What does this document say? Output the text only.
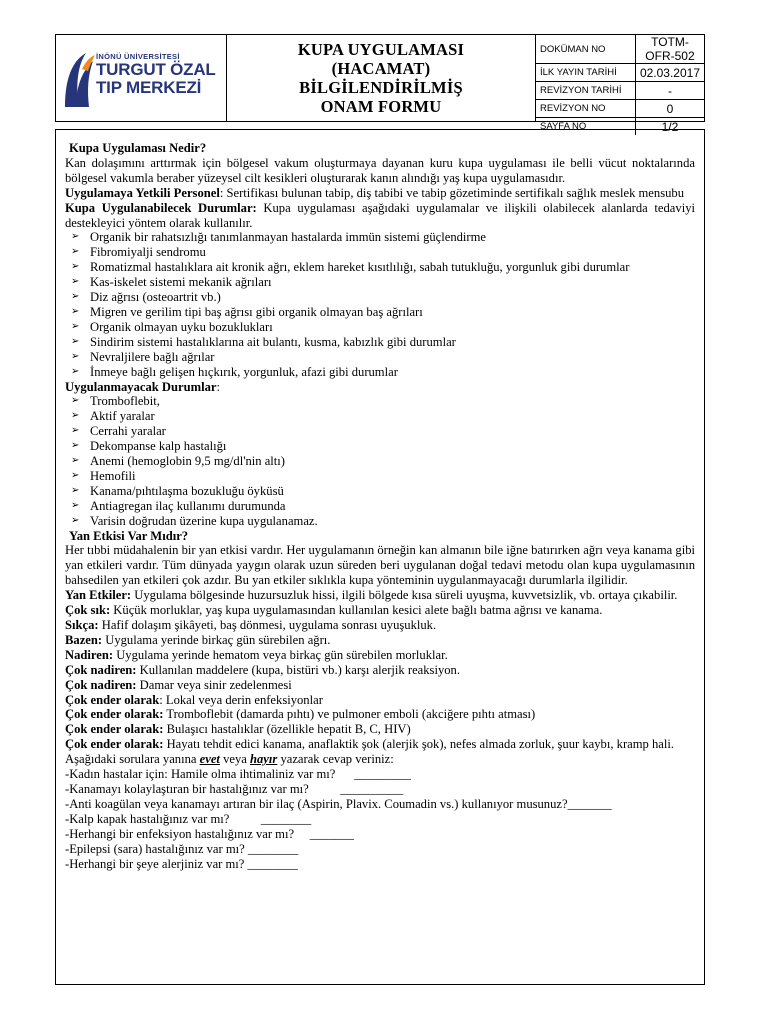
İNÖNÜ ÜNİVERSİTESİ
TURGUT ÖZAL
TIP MERKEZİ
KUPA UYGULAMASI
(HACAMAT)
BİLGİLENDİRİLMİŞ
ONAM FORMU
DOKÜMAN NO	TOTM-OFR-502
İLK YAYIN TARİHİ	02.03.2017
REVİZYON TARİHİ	-
REVİZYON NO	0
SAYFA NO	1/2

Kupa Uygulaması Nedir?

Kan dolaşımını arttırmak için bölgesel vakum oluşturmaya dayanan kuru kupa uygulaması ile belli vücut noktalarında bölgesel vakumla beraber yüzeysel cilt kesikleri oluşturarak kanın alındığı yaş kupa uygulamasıdır.

Uygulamaya Yetkili Personel: Sertifikası bulunan tabip, diş tabibi ve tabip gözetiminde sertifikalı sağlık meslek mensubu

Kupa Uygulanabilecek Durumlar: Kupa uygulaması aşağıdaki uygulamalar ve ilişkili olabilecek alanlarda tedaviyi destekleyici yöntem olarak kullanılır.

➢ Organik bir rahatsızlığı tanımlanmayan hastalarda immün sistemi güçlendirme
➢ Fibromiyalji sendromu
➢ Romatizmal hastalıklara ait kronik ağrı, eklem hareket kısıtlılığı, sabah tutukluğu, yorgunluk gibi durumlar
➢ Kas-iskelet sistemi mekanik ağrıları
➢ Diz ağrısı (osteoartrit vb.)
➢ Migren ve gerilim tipi baş ağrısı gibi organik olmayan baş ağrıları
➢ Organik olmayan uyku bozuklukları
➢ Sindirim sistemi hastalıklarına ait bulantı, kusma, kabızlık gibi durumlar
➢ Nevraljilere bağlı ağrılar
➢ İnmeye bağlı gelişen hıçkırık, yorgunluk, afazi gibi durumlar

Uygulanmayacak Durumlar:

➢ Tromboflebit,
➢ Aktif yaralar
➢ Cerrahi yaralar
➢ Dekompanse kalp hastalığı
➢ Anemi (hemoglobin 9,5 mg/dl'nin altı)
➢ Hemofili
➢ Kanama/pıhtılaşma bozukluğu öyküsü
➢ Antiagregan ilaç kullanımı durumunda
➢ Varisin doğrudan üzerine kupa uygulanamaz.

Yan Etkisi Var Mıdır?

Her tıbbi müdahalenin bir yan etkisi vardır. Her uygulamanın örneğin kan almanın bile iğne batırırken ağrı veya kanama gibi yan etkileri vardır. Tüm dünyada yaygın olarak uzun süreden beri uygulanan doğal tedavi metodu olan kupa uygulamasının bahsedilen yan etkileri çok azdır. Bu yan etkiler sıklıkla kupa yönteminin uygulanmayacağı durumlarla ilgilidir.

Yan Etkiler: Uygulama bölgesinde huzursuzluk hissi, ilgili bölgede kısa süreli uyuşma, kuvvetsizlik, vb. ortaya çıkabilir.

Çok sık: Küçük morluklar, yaş kupa uygulamasından kullanılan kesici alete bağlı batma ağrısı ve kanama.

Sıkça: Hafif dolaşım şikâyeti, baş dönmesi, uygulama sonrası uyuşukluk.

Bazen: Uygulama yerinde birkaç gün sürebilen ağrı.

Nadiren: Uygulama yerinde hematom veya birkaç gün sürebilen morluklar.

Çok nadiren: Kullanılan maddelere (kupa, bistüri vb.) karşı alerjik reaksiyon.

Çok nadiren: Damar veya sinir zedelenmesi

Çok ender olarak: Lokal veya derin enfeksiyonlar

Çok ender olarak: Tromboflebit (damarda pıhtı) ve pulmoner emboli (akciğere pıhtı atması)

Çok ender olarak: Bulaşıcı hastalıklar (özellikle hepatit B, C, HIV)

Çok ender olarak: Hayatı tehdit edici kanama, anaflaktik şok (alerjik şok), nefes almada zorluk, şuur kaybı, kramp hali.

Aşağıdaki sorulara yanına evet veya hayır yazarak cevap veriniz:

-Kadın hastalar için: Hamile olma ihtimaliniz var mı?      _________

-Kanamayı kolaylaştıran bir hastalığınız var mı?          __________

-Anti koagülan veya kanamayı artıran bir ilaç (Aspirin, Plavix. Coumadin vs.) kullanıyor musunuz?_______

-Kalp kapak hastalığınız var mı?          ________

-Herhangi bir enfeksiyon hastalığınız var mı?     _______

-Epilepsi (sara) hastalığınız var mı? ________

-Herhangi bir şeye alerjiniz var mı? ________
